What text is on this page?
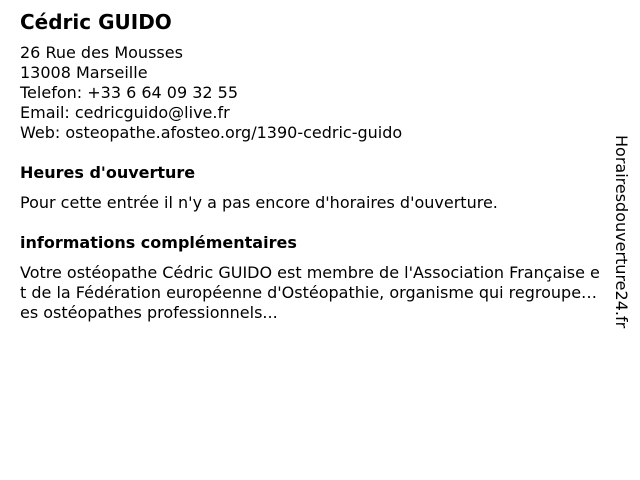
Cédric GUIDO
26 Rue des Mousses
13008 Marseille
Telefon: +33 6 64 09 32 55
Email: cedricguido@live.fr
Web: osteopathe.afosteo.org/1390-cedric-guido
Heures d'ouverture
Pour cette entrée il n'y a pas encore d'horaires d'ouverture.
informations complémentaires
Votre ostéopathe Cédric GUIDO est membre de l'Association Française et de la Fédération européenne d'Ostéopathie, organisme qui regroupe les ostéopathes professionnels...	Horairesdouverture24.fr
